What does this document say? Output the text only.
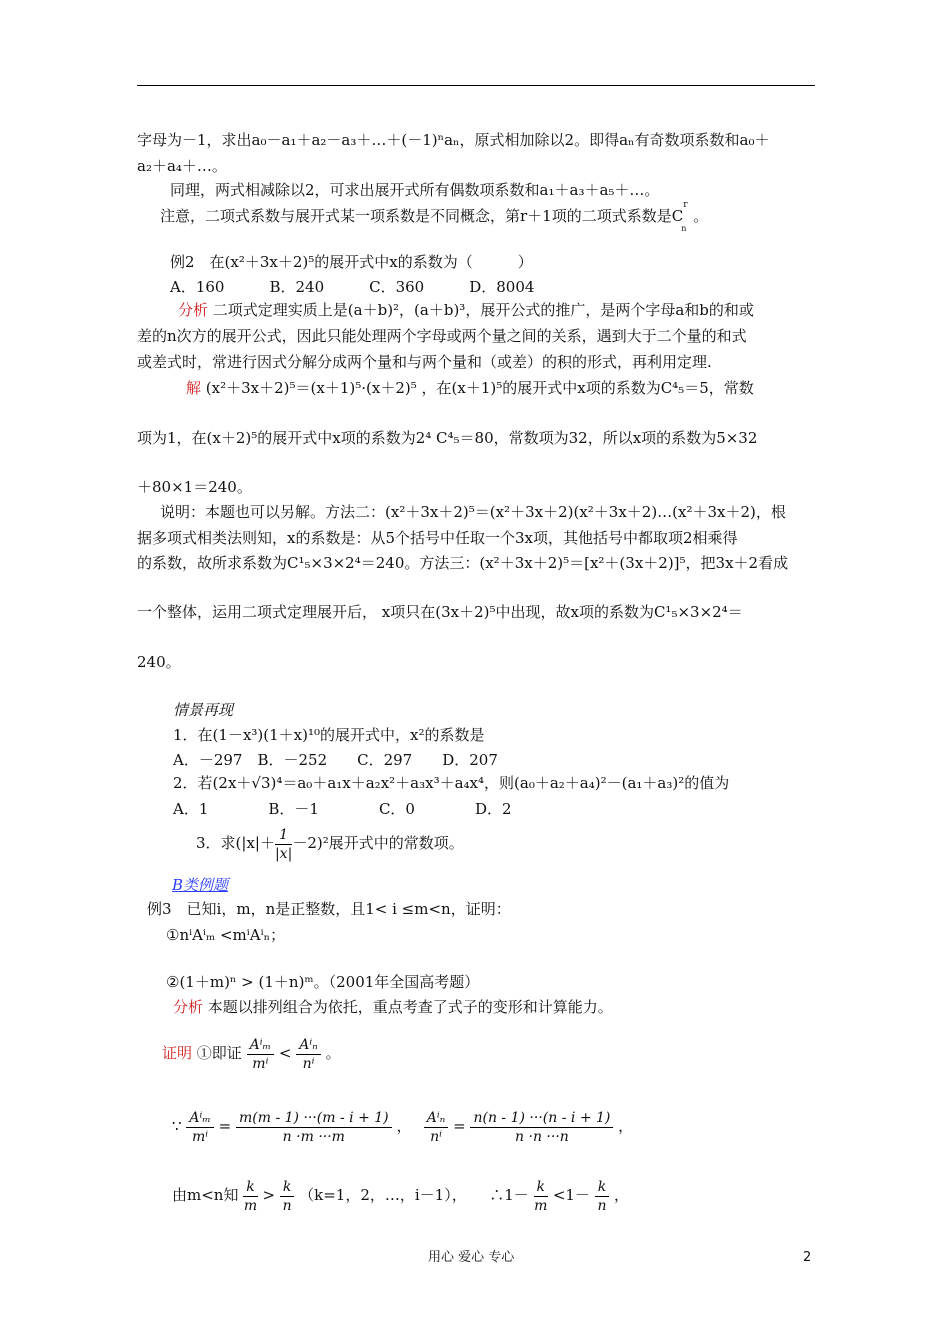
字母为－1，求出a₀－a₁＋a₂－a₃＋…＋(－1)ⁿaₙ，原式相加除以2。即得aₙ有奇数项系数和a₀＋
a₂＋a₄＋…。
同理，两式相减除以2，可求出展开式所有偶数项系数和a₁＋a₃＋a₅＋…。
注意，二项式系数与展开式某一项系数是不同概念，第r＋1项的二项式系数是C
r
n
。
例2　在(x²＋3x＋2)⁵的展开式中x的系数为（　　　）
A．160　　　B．240　　　C．360　　　D．8004
分析 二项式定理实质上是(a＋b)²，(a＋b)³，展开公式的推广，是两个字母a和b的和或
差的n次方的展开公式，因此只能处理两个字母或两个量之间的关系，遇到大于二个量的和式
或差式时，常进行因式分解分成两个量和与两个量和（或差）的积的形式，再利用定理.
解 (x²＋3x＋2)⁵＝(x＋1)⁵·(x＋2)⁵ ，在(x＋1)⁵的展开式中x项的系数为C⁴₅＝5，常数
项为1，在(x＋2)⁵的展开式中x项的系数为2⁴ C⁴₅＝80，常数项为32，所以x项的系数为5×32
＋80×1＝240。
说明：本题也可以另解。方法二：(x²＋3x＋2)⁵＝(x²＋3x＋2)(x²＋3x＋2)…(x²＋3x＋2)，根
据多项式相类法则知，x的系数是：从5个括号中任取一个3x项，其他括号中都取项2相乘得
的系数，故所求系数为C¹₅×3×2⁴＝240。方法三：(x²＋3x＋2)⁵＝[x²＋(3x＋2)]⁵，把3x＋2看成
一个整体，运用二项式定理展开后， x项只在(3x＋2)⁵中出现，故x项的系数为C¹₅×3×2⁴＝
240。
情景再现
1．在(1－x³)(1＋x)¹⁰的展开式中，x²的系数是
A．－297　B．－252　　C．297　　D．207
2．若(2x＋√3)⁴＝a₀＋a₁x＋a₂x²＋a₃x³＋a₄x⁴，则(a₀＋a₂＋a₄)²－(a₁＋a₃)²的值为
A．1　　　　B．－1　　　　C．0　　　　D．2
3．求$(|x|+ \frac{1}{|x|} -2)^2$展开式中的常数项。
B类例题
例3　已知i，m，n是正整数，且1< i ≤m<n，证明：
①nⁱAⁱₘ <mⁱAⁱₙ；
②(1＋m)ⁿ > (1＋n)ᵐ。（2001年全国高考题）
分析 本题以排列组合为依托，重点考查了式子的变形和计算能力。
证明 ①即证 $\frac{\text{Aⁱₘ}}{\text{mⁱ}} < \frac{\text{Aⁱₙ}}{\text{nⁱ}}$ 。
∵ $\frac{\text{Aⁱₘ}}{\text{mⁱ}} = \frac{m(m - 1) \cdot\cdot\cdot(m - i + 1)}{n \cdot m \cdot\cdot\cdot m}$ ，　 $\frac{\text{Aⁱₙ}}{\text{nⁱ}} = \frac{n(n - 1) \cdot\cdot\cdot(n - i + 1)}{n \cdot n \cdot\cdot\cdot n}$ ，
由m<n知 $\frac{k}{m} > \frac{k}{n} (k=1$，2，…，i－1），　　∴1－ $\frac{k}{m} <1- \frac{k}{n}$ ，
用心 爱心 专心	2
